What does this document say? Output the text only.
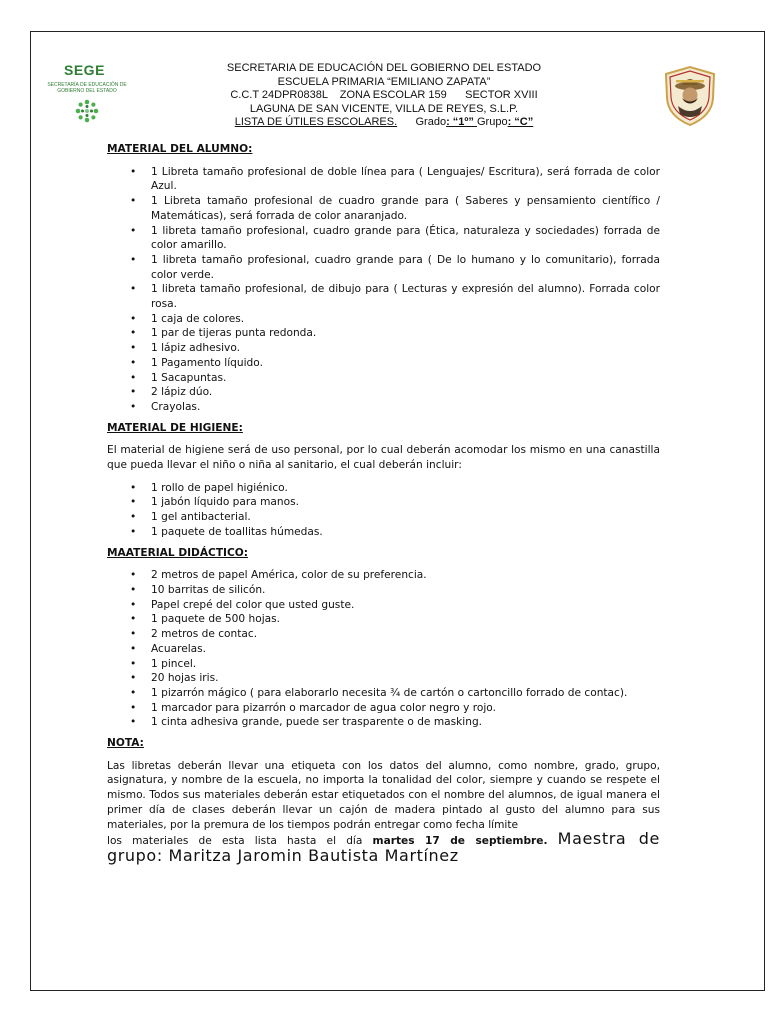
SEGE
SECRETARÍA DE EDUCACIÓN DE GOBIERNO DEL ESTADO
SECRETARIA DE EDUCACIÓN DEL GOBIERNO DEL ESTADO
ESCUELA PRIMARIA “EMILIANO ZAPATA”
C.C.T 24DPR0838L    ZONA ESCOLAR 159      SECTOR XVIII
LAGUNA DE SAN VICENTE, VILLA DE REYES, S.L.P.
LISTA DE ÚTILES ESCOLARES. Grado: “1º” Grupo: “C”
MATERIAL DEL ALUMNO:
• 1 Libreta tamaño profesional de doble línea para ( Lenguajes/ Escritura), será forrada de color Azul.
• 1 Libreta tamaño profesional de cuadro grande para ( Saberes y pensamiento científico / Matemáticas), será forrada de color anaranjado.
• 1 libreta tamaño profesional, cuadro grande para (Ética, naturaleza y sociedades) forrada de color amarillo.
• 1 libreta tamaño profesional, cuadro grande para ( De lo humano y lo comunitario), forrada color verde.
• 1 libreta tamaño profesional, de dibujo para ( Lecturas y expresión del alumno). Forrada color rosa.
• 1 caja de colores.
• 1 par de tijeras punta redonda.
• 1 lápiz adhesivo.
• 1 Pagamento líquido.
• 1 Sacapuntas.
• 2 lápiz dúo.
• Crayolas.
MATERIAL DE HIGIENE:

El material de higiene será de uso personal, por lo cual deberán acomodar los mismo en una canastilla que pueda llevar el niño o niña al sanitario, el cual deberán incluir:

• 1 rollo de papel higiénico.
• 1 jabón líquido para manos.
• 1 gel antibacterial.
• 1 paquete de toallitas húmedas.
MAATERIAL DIDÁCTICO:
• 2 metros de papel América, color de su preferencia.
• 10 barritas de silicón.
• Papel crepé del color que usted guste.
• 1 paquete de 500 hojas.
• 2 metros de contac.
• Acuarelas.
• 1 pincel.
• 20 hojas iris.
• 1 pizarrón mágico ( para elaborarlo necesita ¾ de cartón o cartoncillo forrado de contac).
• 1 marcador para pizarrón o marcador de agua color negro y rojo.
• 1 cinta adhesiva grande, puede ser trasparente o de masking.
NOTA:

Las libretas deberán llevar una etiqueta con los datos del alumno, como nombre, grado, grupo, asignatura, y nombre de la escuela, no importa la tonalidad del color, siempre y cuando se respete el mismo. Todos sus materiales deberán estar etiquetados con el nombre del alumnos, de igual manera el primer día de clases deberán llevar un cajón de madera pintado al gusto del alumno para sus materiales, por la premura de los tiempos podrán entregar como fecha límite

los materiales de esta lista hasta el día martes 17 de septiembre. Maestra de

grupo: Maritza Jaromin Bautista Martínez
